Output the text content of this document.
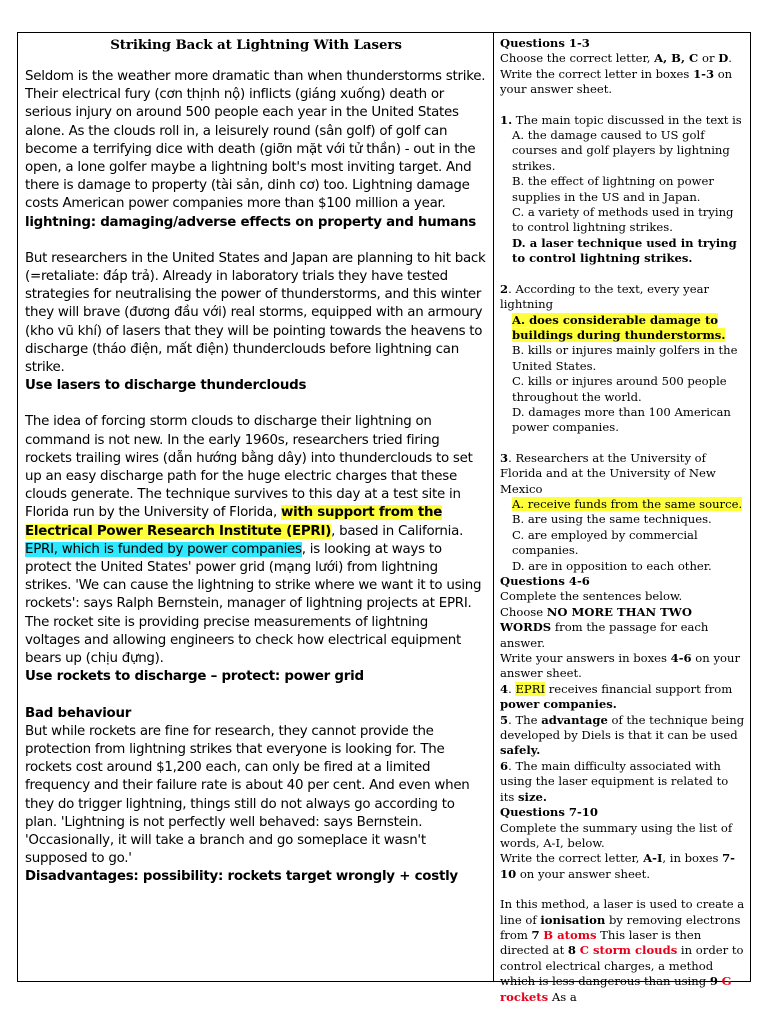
Striking Back at Lightning With Lasers

Seldom is the weather more dramatic than when thunderstorms strike. Their electrical fury (cơn thịnh nộ) inflicts (giáng xuống) death or serious injury on around 500 people each year in the United States alone. As the clouds roll in, a leisurely round (sân golf) of golf can become a terrifying dice with death (giỡn mặt với tử thần) - out in the open, a lone golfer maybe a lightning bolt's most inviting target. And there is damage to property (tài sản, dinh cơ) too. Lightning damage costs American power companies more than $100 million a year.

lightning: damaging/adverse effects on property and humans

But researchers in the United States and Japan are planning to hit back (=retaliate: đáp trả). Already in laboratory trials they have tested strategies for neutralising the power of thunderstorms, and this winter they will brave (đương đầu với) real storms, equipped with an armoury (kho vũ khí) of lasers that they will be pointing towards the heavens to discharge (tháo điện, mất điện) thunderclouds before lightning can strike.

Use lasers to discharge thunderclouds

The idea of forcing storm clouds to discharge their lightning on command is not new. In the early 1960s, researchers tried firing rockets trailing wires (dẫn hướng bằng dây) into thunderclouds to set up an easy discharge path for the huge electric charges that these clouds generate. The technique survives to this day at a test site in Florida run by the University of Florida, with support from the Electrical Power Research Institute (EPRI), based in California. EPRI, which is funded by power companies, is looking at ways to protect the United States' power grid (mạng lưới) from lightning strikes. 'We can cause the lightning to strike where we want it to using rockets': says Ralph Bernstein, manager of lightning projects at EPRI. The rocket site is providing precise measurements of lightning voltages and allowing engineers to check how electrical equipment bears up (chịu đựng).

Use rockets to discharge – protect: power grid

Bad behaviour

But while rockets are fine for research, they cannot provide the protection from lightning strikes that everyone is looking for. The rockets cost around $1,200 each, can only be fired at a limited frequency and their failure rate is about 40 per cent. And even when they do trigger lightning, things still do not always go according to plan. 'Lightning is not perfectly well behaved: says Bernstein. 'Occasionally, it will take a branch and go someplace it wasn't supposed to go.'

Disadvantages: possibility: rockets target wrongly + costly

Questions 1-3

Choose the correct letter, A, B, C or D. Write the correct letter in boxes 1-3 on your answer sheet.

1. The main topic discussed in the text is

A. the damage caused to US golf courses and golf players by lightning strikes.

B. the effect of lightning on power supplies in the US and in Japan.

C. a variety of methods used in trying to control lightning strikes.

D. a laser technique used in trying to control lightning strikes.

2. According to the text, every year lightning

A. does considerable damage to buildings during thunderstorms.

B. kills or injures mainly golfers in the United States.

C. kills or injures around 500 people throughout the world.

D. damages more than 100 American power companies.

3. Researchers at the University of Florida and at the University of New Mexico

A. receive funds from the same source.

B. are using the same techniques.

C. are employed by commercial companies.

D. are in opposition to each other.

Questions 4-6

Complete the sentences below.

Choose NO MORE THAN TWO WORDS from the passage for each answer.

Write your answers in boxes 4-6 on your answer sheet.

4. EPRI receives financial support from power companies.

5. The advantage of the technique being developed by Diels is that it can be used safely.

6. The main difficulty associated with using the laser equipment is related to its size.

Questions 7-10

Complete the summary using the list of words, A-I, below.

Write the correct letter, A-I, in boxes 7-10 on your answer sheet.

In this method, a laser is used to create a line of ionisation by removing electrons from 7 B atoms This laser is then directed at 8 C storm clouds in order to control electrical charges, a method which is less dangerous than using 9 G rockets As a
